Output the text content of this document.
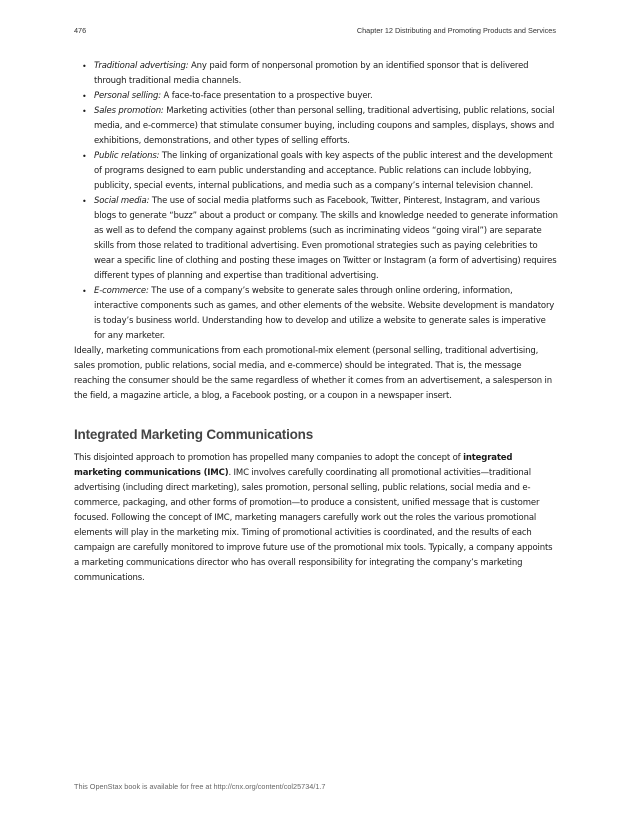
476	Chapter 12 Distributing and Promoting Products and Services
• Traditional advertising: Any paid form of nonpersonal promotion by an identified sponsor that is delivered through traditional media channels.
• Personal selling: A face-to-face presentation to a prospective buyer.
• Sales promotion: Marketing activities (other than personal selling, traditional advertising, public relations, social media, and e-commerce) that stimulate consumer buying, including coupons and samples, displays, shows and exhibitions, demonstrations, and other types of selling efforts.
• Public relations: The linking of organizational goals with key aspects of the public interest and the development of programs designed to earn public understanding and acceptance. Public relations can include lobbying, publicity, special events, internal publications, and media such as a company’s internal television channel.
• Social media: The use of social media platforms such as Facebook, Twitter, Pinterest, Instagram, and various blogs to generate “buzz” about a product or company. The skills and knowledge needed to generate information as well as to defend the company against problems (such as incriminating videos “going viral”) are separate skills from those related to traditional advertising. Even promotional strategies such as paying celebrities to wear a specific line of clothing and posting these images on Twitter or Instagram (a form of advertising) requires different types of planning and expertise than traditional advertising.
• E-commerce: The use of a company’s website to generate sales through online ordering, information, interactive components such as games, and other elements of the website. Website development is mandatory is today’s business world. Understanding how to develop and utilize a website to generate sales is imperative for any marketer.

Ideally, marketing communications from each promotional-mix element (personal selling, traditional advertising, sales promotion, public relations, social media, and e-commerce) should be integrated. That is, the message reaching the consumer should be the same regardless of whether it comes from an advertisement, a salesperson in the field, a magazine article, a blog, a Facebook posting, or a coupon in a newspaper insert.

Integrated Marketing Communications

This disjointed approach to promotion has propelled many companies to adopt the concept of integrated marketing communications (IMC). IMC involves carefully coordinating all promotional activities—traditional advertising (including direct marketing), sales promotion, personal selling, public relations, social media and e-commerce, packaging, and other forms of promotion—to produce a consistent, unified message that is customer focused. Following the concept of IMC, marketing managers carefully work out the roles the various promotional elements will play in the marketing mix. Timing of promotional activities is coordinated, and the results of each campaign are carefully monitored to improve future use of the promotional mix tools. Typically, a company appoints a marketing communications director who has overall responsibility for integrating the company’s marketing communications.

This OpenStax book is available for free at http://cnx.org/content/col25734/1.7
